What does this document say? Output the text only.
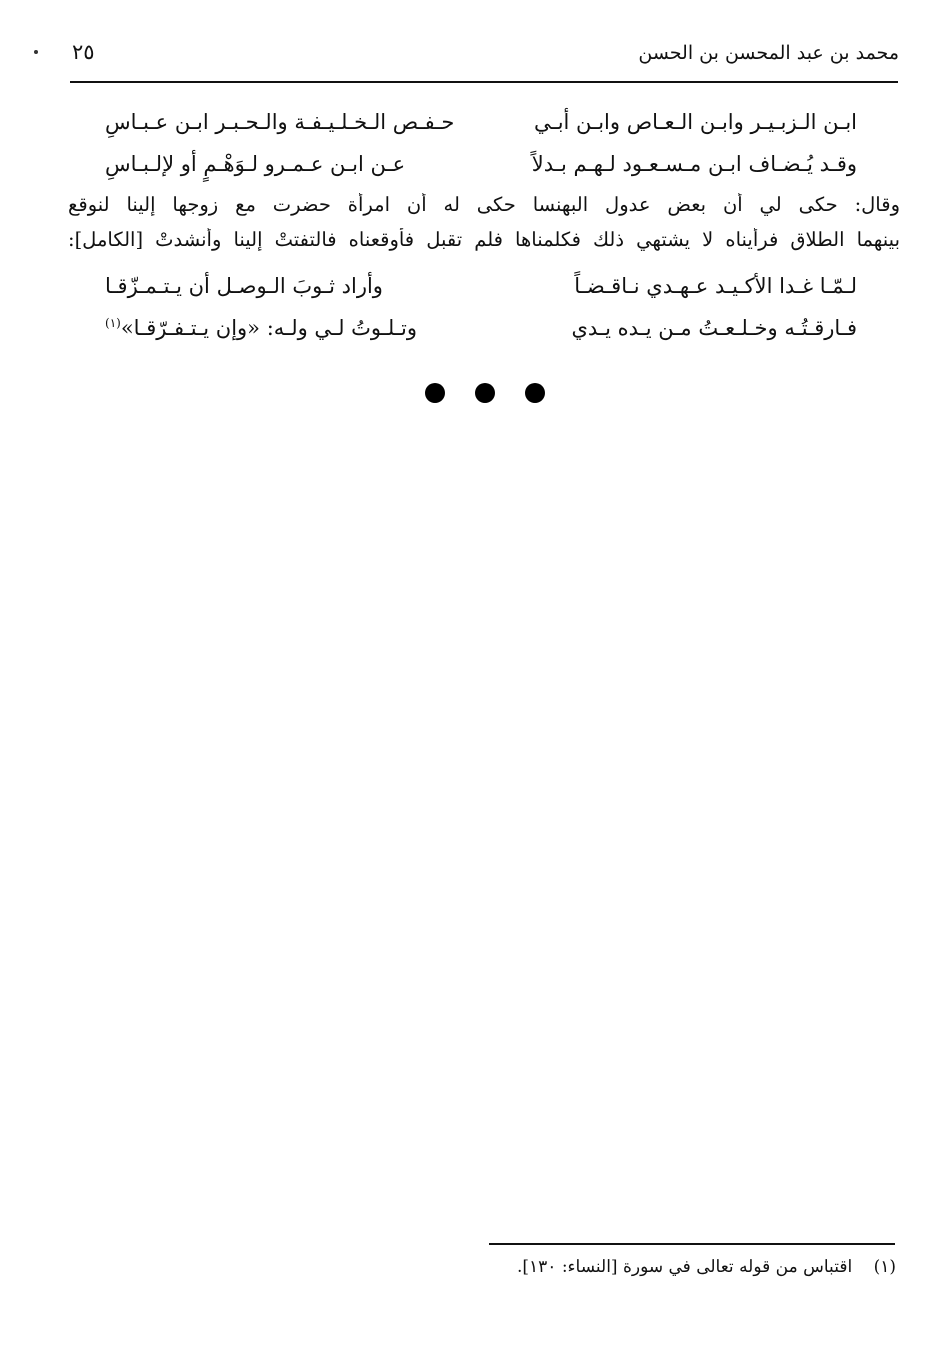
محمد بن عبد المحسن بن الحسن
٢٥
ابـن الـزبـيـر وابـن الـعـاص وابـن أبـي
حـفـص الـخـلـيـفـة والـحـبـر ابـن عـبـاسِ
وقـد يُـضـاف ابـن مـسـعـود لـهـم بـدلاً
عـن ابـن عـمـرو لـوَهْـمٍ أو لإلـبـاسِ
وقال: حكى لي أن بعض عدول البهنسا حكى له أن امرأة حضرت مع زوجها إلينا لنوقع
بينهما الطلاق فرأيناه لا يشتهي ذلك فكلمناها فلم تقبل فأوقعناه فالتفتتْ إلينا وأنشدتْ [الكامل]:
لـمّـا غـدا الأكـيـد عـهـدي نـاقـضـاً
وأراد ثـوبَ الـوصـل أن يـتـمـزّقـا
فـارقـتُـه وخـلـعـتُ مـن يـده يـدي
وتـلـوتُ لـي ولـه: «وإن يـتـفـرّقـا»$^{(١)}$
(١) اقتباس من قوله تعالى في سورة [النساء: ١٣٠].
